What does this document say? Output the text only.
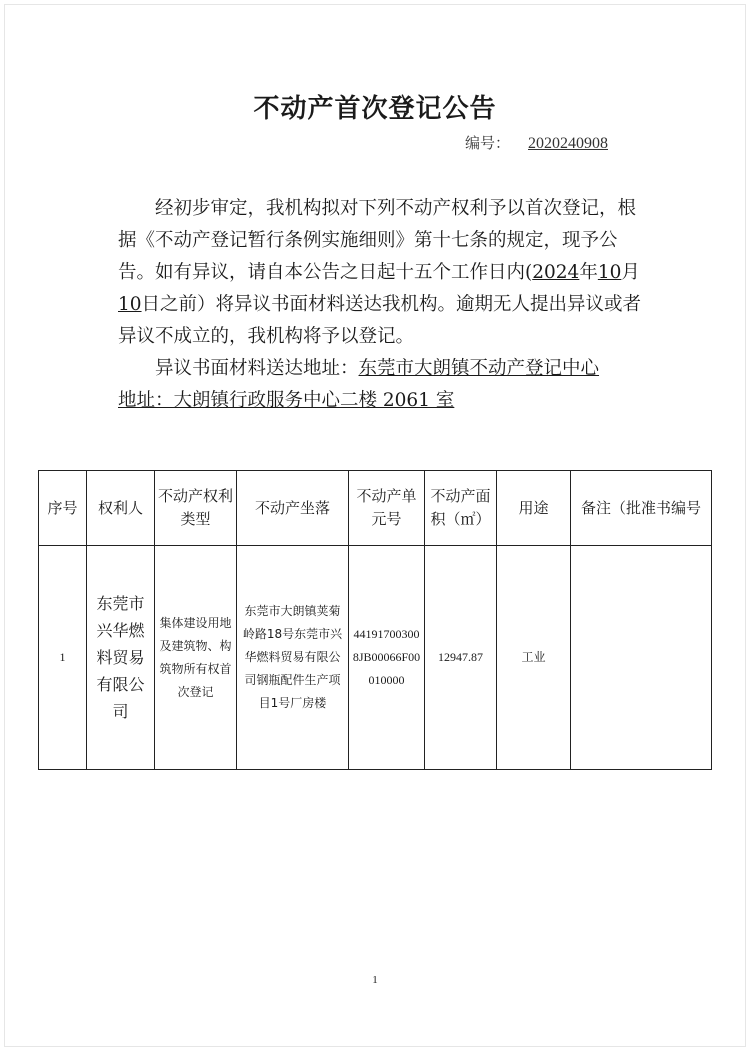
不动产首次登记公告
编号： 2020240908

经初步审定，我机构拟对下列不动产权利予以首次登记，根据《不动产登记暂行条例实施细则》第十七条的规定，现予公告。如有异议，请自本公告之日起十五个工作日内(2024年10月10日之前）将异议书面材料送达我机构。逾期无人提出异议或者异议不成立的，我机构将予以登记。

异议书面材料送达地址：东莞市大朗镇不动产登记中心
地址：大朗镇行政服务中心二楼 2061 室
序号	权利人	不动产权利类型	不动产坐落	不动产单元号	不动产面积（㎡）	用途	备注（批准书编号
1	东莞市兴华燃料贸易有限公司	集体建设用地及建筑物、构筑物所有权首次登记	东莞市大朗镇荚菊岭路18号东莞市兴华燃料贸易有限公司钢瓶配件生产项目1号厂房楼	441917003008JB00066F00010000	12947.87	工业	
1
